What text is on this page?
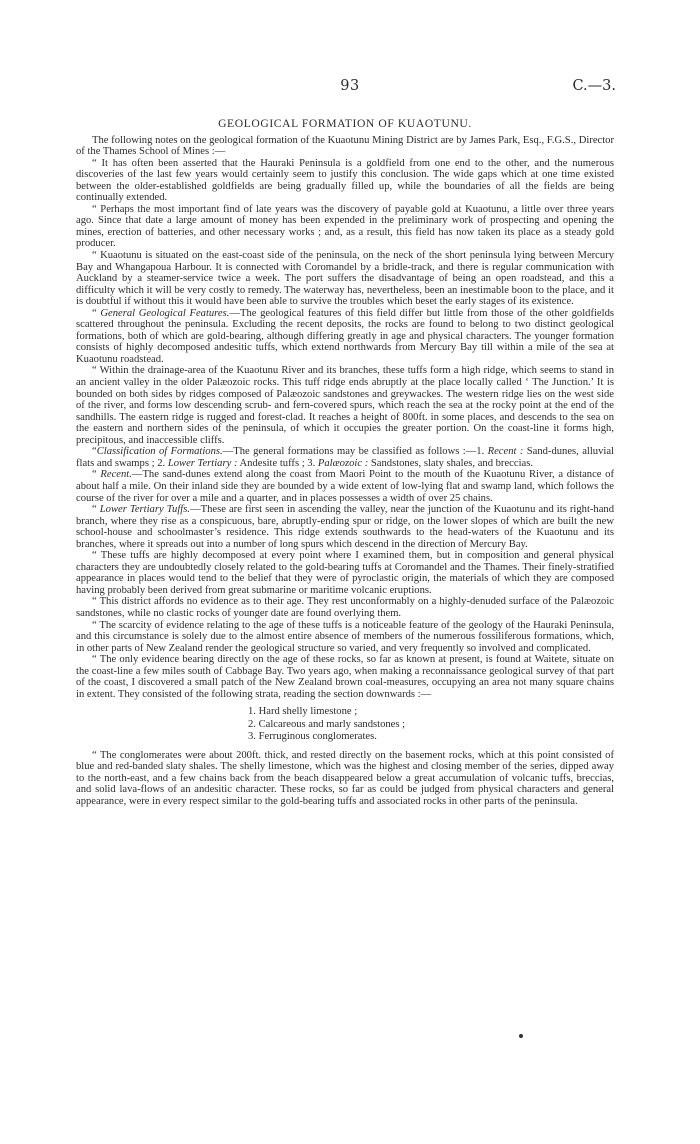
93	C.—3.
GEOLOGICAL FORMATION OF KUAOTUNU.

The following notes on the geological formation of the Kuaotunu Mining District are by James Park, Esq., F.G.S., Director of the Thames School of Mines :—

“ It has often been asserted that the Hauraki Peninsula is a goldfield from one end to the other, and the numerous discoveries of the last few years would certainly seem to justify this conclusion. The wide gaps which at one time existed between the older-established goldfields are being gradually filled up, while the boundaries of all the fields are being continually extended.

“ Perhaps the most important find of late years was the discovery of payable gold at Kuaotunu, a little over three years ago. Since that date a large amount of money has been expended in the preliminary work of prospecting and opening the mines, erection of batteries, and other necessary works ; and, as a result, this field has now taken its place as a steady gold producer.

“ Kuaotunu is situated on the east-coast side of the peninsula, on the neck of the short peninsula lying between Mercury Bay and Whangapoua Harbour. It is connected with Coromandel by a bridle-track, and there is regular communication with Auckland by a steamer-service twice a week. The port suffers the disadvantage of being an open roadstead, and this a difficulty which it will be very costly to remedy. The waterway has, nevertheless, been an inestimable boon to the place, and it is doubtful if without this it would have been able to survive the troubles which beset the early stages of its existence.

“ General Geological Features.—The geological features of this field differ but little from those of the other goldfields scattered throughout the peninsula. Excluding the recent deposits, the rocks are found to belong to two distinct geological formations, both of which are gold-bearing, although differing greatly in age and physical characters. The younger formation consists of highly decomposed andesitic tuffs, which extend northwards from Mercury Bay till within a mile of the sea at Kuaotunu roadstead.

“ Within the drainage-area of the Kuaotunu River and its branches, these tuffs form a high ridge, which seems to stand in an ancient valley in the older Palæozoic rocks. This tuff ridge ends abruptly at the place locally called ‘ The Junction.’ It is bounded on both sides by ridges composed of Palæozoic sandstones and greywackes. The western ridge lies on the west side of the river, and forms low descending scrub- and fern-covered spurs, which reach the sea at the rocky point at the end of the sandhills. The eastern ridge is rugged and forest-clad. It reaches a height of 800ft. in some places, and descends to the sea on the eastern and northern sides of the peninsula, of which it occupies the greater portion. On the coast-line it forms high, precipitous, and inaccessible cliffs.

“Classification of Formations.—The general formations may be classified as follows :—1. Recent : Sand-dunes, alluvial flats and swamps ; 2. Lower Tertiary : Andesite tuffs ; 3. Palæozoic : Sandstones, slaty shales, and breccias.

“ Recent.—The sand-dunes extend along the coast from Maori Point to the mouth of the Kuaotunu River, a distance of about half a mile. On their inland side they are bounded by a wide extent of low-lying flat and swamp land, which follows the course of the river for over a mile and a quarter, and in places possesses a width of over 25 chains.

“ Lower Tertiary Tuffs.—These are first seen in ascending the valley, near the junction of the Kuaotunu and its right-hand branch, where they rise as a conspicuous, bare, abruptly-ending spur or ridge, on the lower slopes of which are built the new school-house and schoolmaster’s residence. This ridge extends southwards to the head-waters of the Kuaotunu and its branches, where it spreads out into a number of long spurs which descend in the direction of Mercury Bay.

“ These tuffs are highly decomposed at every point where I examined them, but in composition and general physical characters they are undoubtedly closely related to the gold-bearing tuffs at Coromandel and the Thames. Their finely-stratified appearance in places would tend to the belief that they were of pyroclastic origin, the materials of which they are composed having probably been derived from great submarine or maritime volcanic eruptions.

“ This district affords no evidence as to their age. They rest unconformably on a highly-denuded surface of the Palæozoic sandstones, while no clastic rocks of younger date are found overlying them.

“ The scarcity of evidence relating to the age of these tuffs is a noticeable feature of the geology of the Hauraki Peninsula, and this circumstance is solely due to the almost entire absence of members of the numerous fossiliferous formations, which, in other parts of New Zealand render the geological structure so varied, and very frequently so involved and complicated.

“ The only evidence bearing directly on the age of these rocks, so far as known at present, is found at Waitete, situate on the coast-line a few miles south of Cabbage Bay. Two years ago, when making a reconnaissance geological survey of that part of the coast, I discovered a small patch of the New Zealand brown coal-measures, occupying an area not many square chains in extent. They consisted of the following strata, reading the section downwards :—

1. Hard shelly limestone ;
2. Calcareous and marly sandstones ;
3. Ferruginous conglomerates.

“ The conglomerates were about 200ft. thick, and rested directly on the basement rocks, which at this point consisted of blue and red-banded slaty shales. The shelly limestone, which was the highest and closing member of the series, dipped away to the north-east, and a few chains back from the beach disappeared below a great accumulation of volcanic tuffs, breccias, and solid lava-flows of an andesitic character. These rocks, so far as could be judged from physical characters and general appearance, were in every respect similar to the gold-bearing tuffs and associated rocks in other parts of the peninsula.
